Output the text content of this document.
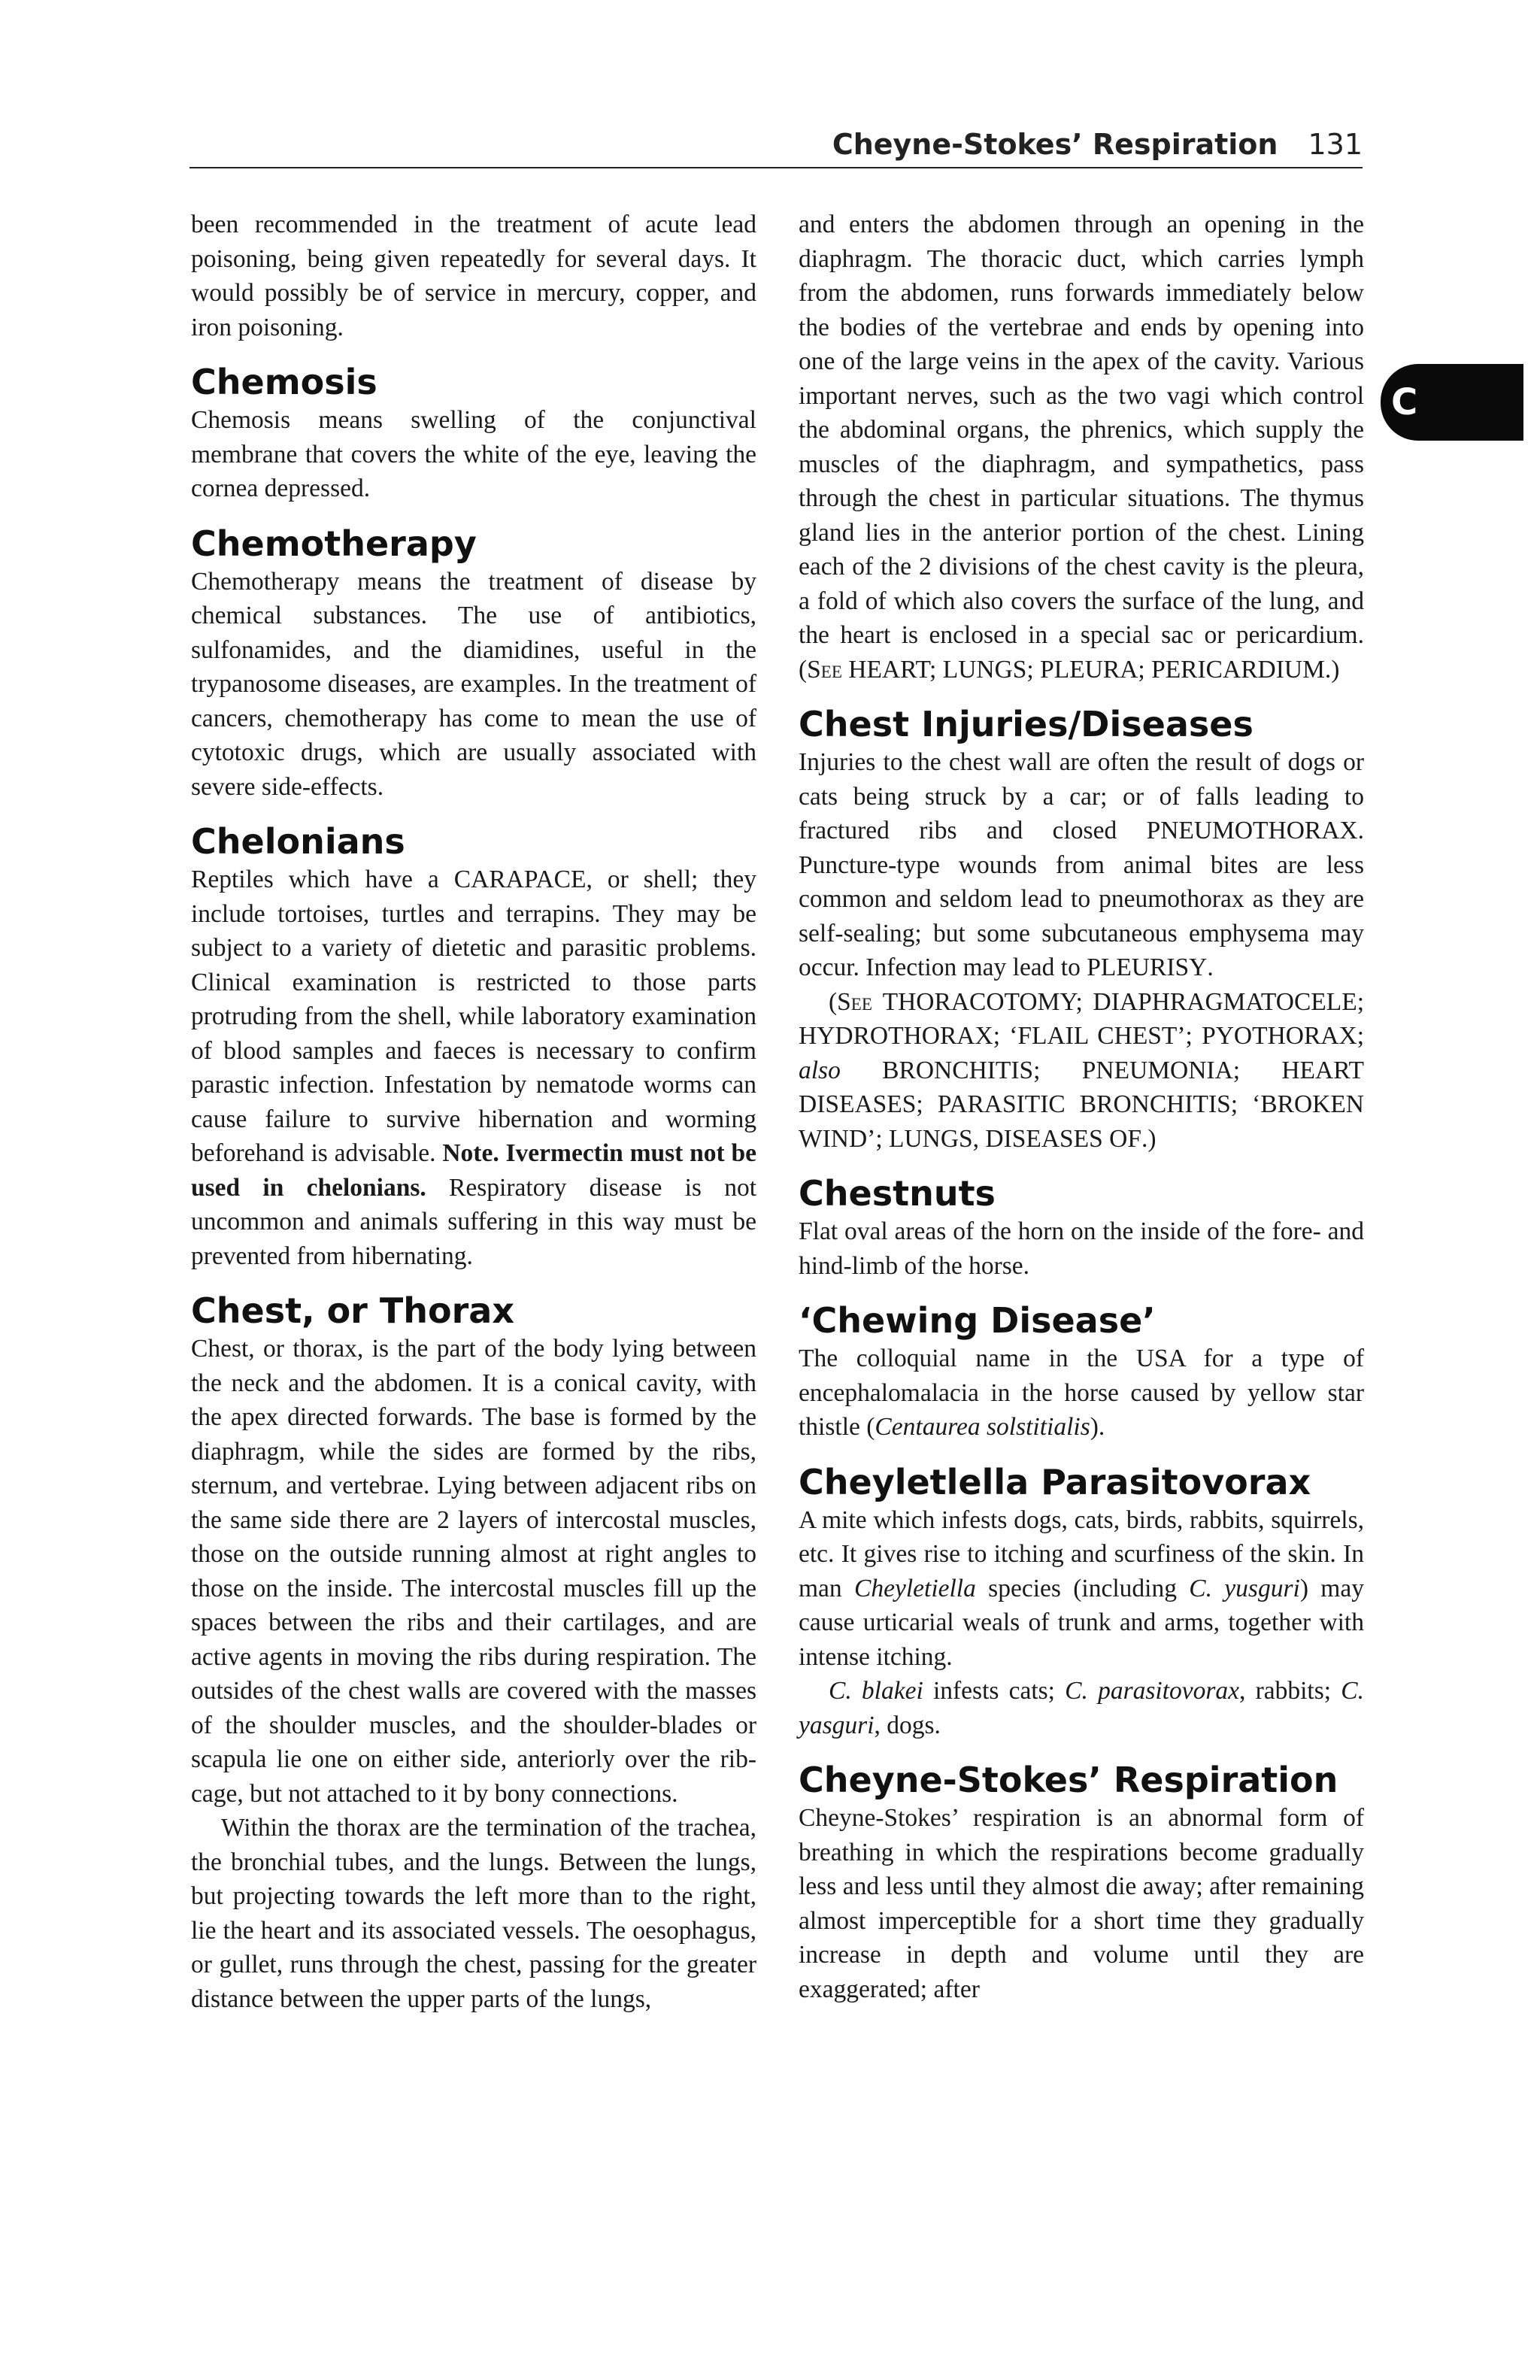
Cheyne-Stokes’ Respiration 131
C

been recommended in the treatment of acute lead poisoning, being given repeatedly for several days. It would possibly be of service in mercury, copper, and iron poisoning.

Chemosis

Chemosis means swelling of the conjunctival membrane that covers the white of the eye, leaving the cornea depressed.

Chemotherapy

Chemotherapy means the treatment of disease by chemical substances. The use of antibiotics, sulfonamides, and the diamidines, useful in the trypanosome diseases, are examples. In the treatment of cancers, chemotherapy has come to mean the use of cytotoxic drugs, which are usually associated with severe side-effects.

Chelonians

Reptiles which have a CARAPACE, or shell; they include tortoises, turtles and terrapins. They may be subject to a variety of dietetic and parasitic problems. Clinical examination is restricted to those parts protruding from the shell, while laboratory examination of blood samples and faeces is necessary to confirm parastic infection. Infestation by nematode worms can cause failure to survive hibernation and worming beforehand is advisable. Note. Ivermectin must not be used in chelonians. Respiratory disease is not uncommon and animals suffering in this way must be prevented from hibernating.

Chest, or Thorax

Chest, or thorax, is the part of the body lying between the neck and the abdomen. It is a conical cavity, with the apex directed forwards. The base is formed by the diaphragm, while the sides are formed by the ribs, sternum, and vertebrae. Lying between adjacent ribs on the same side there are 2 layers of intercostal muscles, those on the outside running almost at right angles to those on the inside. The intercostal muscles fill up the spaces between the ribs and their cartilages, and are active agents in moving the ribs during respiration. The outsides of the chest walls are covered with the masses of the shoulder muscles, and the shoulder-blades or scapula lie one on either side, anteriorly over the rib-cage, but not attached to it by bony connections.

Within the thorax are the termination of the trachea, the bronchial tubes, and the lungs. Between the lungs, but projecting towards the left more than to the right, lie the heart and its associated vessels. The oesophagus, or gullet, runs through the chest, passing for the greater distance between the upper parts of the lungs,

and enters the abdomen through an opening in the diaphragm. The thoracic duct, which carries lymph from the abdomen, runs forwards immediately below the bodies of the vertebrae and ends by opening into one of the large veins in the apex of the cavity. Various important nerves, such as the two vagi which control the abdominal organs, the phrenics, which supply the muscles of the diaphragm, and sympathetics, pass through the chest in particular situations. The thymus gland lies in the anterior portion of the chest. Lining each of the 2 divisions of the chest cavity is the pleura, a fold of which also covers the surface of the lung, and the heart is enclosed in a special sac or pericardium. (See HEART; LUNGS; PLEURA; PERICARDIUM.)

Chest Injuries/Diseases

Injuries to the chest wall are often the result of dogs or cats being struck by a car; or of falls leading to fractured ribs and closed PNEUMOTHORAX. Puncture-type wounds from animal bites are less common and seldom lead to pneumothorax as they are self-sealing; but some subcutaneous emphysema may occur. Infection may lead to PLEURISY.

(See THORACOTOMY; DIAPHRAGMATOCELE; HYDROTHORAX; ‘FLAIL CHEST’; PYOTHORAX; also BRONCHITIS; PNEUMONIA; HEART DISEASES; PARASITIC BRONCHITIS; ‘BROKEN WIND’; LUNGS, DISEASES OF.)

Chestnuts

Flat oval areas of the horn on the inside of the fore- and hind-limb of the horse.

‘Chewing Disease’

The colloquial name in the USA for a type of encephalomalacia in the horse caused by yellow star thistle (Centaurea solstitialis).

Cheyletlella Parasitovorax

A mite which infests dogs, cats, birds, rabbits, squirrels, etc. It gives rise to itching and scurfiness of the skin. In man Cheyletiella species (including C. yusguri) may cause urticarial weals of trunk and arms, together with intense itching.

C. blakei infests cats; C. parasitovorax, rabbits; C. yasguri, dogs.

Cheyne-Stokes’ Respiration

Cheyne-Stokes’ respiration is an abnormal form of breathing in which the respirations become gradually less and less until they almost die away; after remaining almost imperceptible for a short time they gradually increase in depth and volume until they are exaggerated; after
